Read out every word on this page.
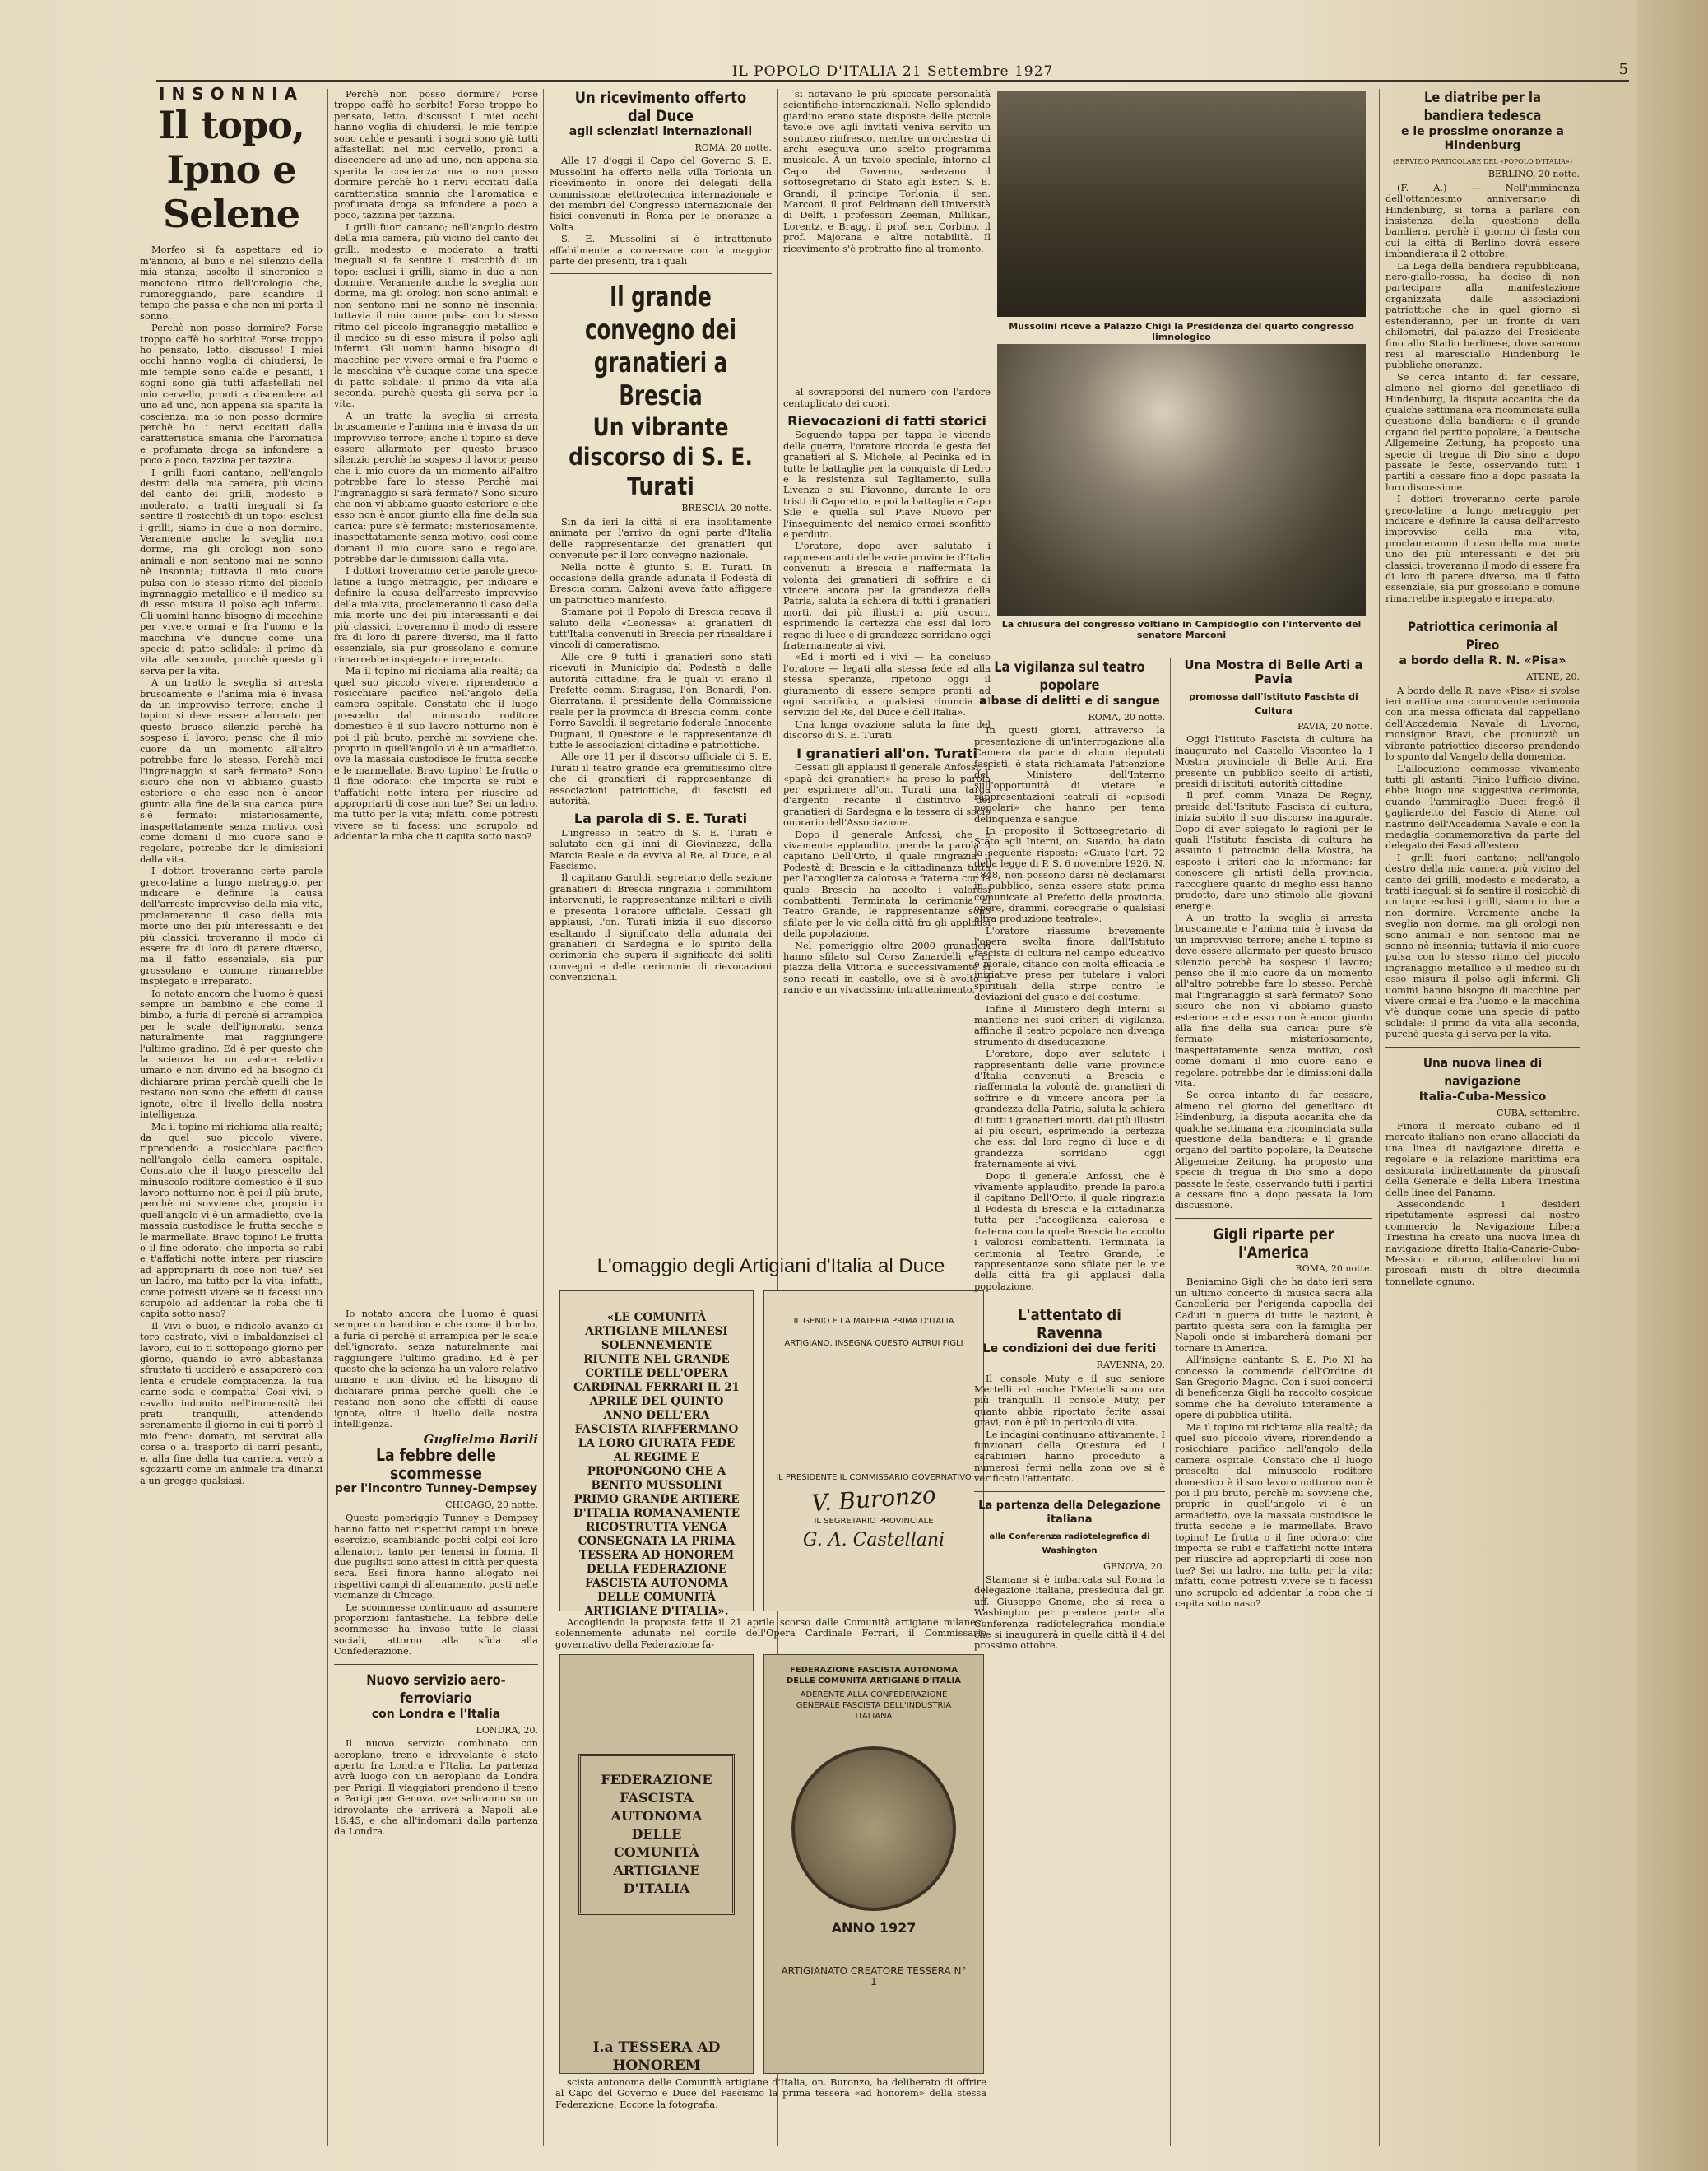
IL POPOLO D'ITALIA 21 Settembre 1927	5
INSONNIA
Il topo, Ipno e Selene

Morfeo si fa aspettare ed io m'annoio, al buio e nel silenzio della mia stanza; ascolto il sincronico e monotono ritmo dell'orologio che, rumoreggiando, pare scandire il tempo che passa e che non mi porta il sonno.

Perchè non posso dormire? Forse troppo caffè ho sorbito! Forse troppo ho pensato, letto, discusso! I miei occhi hanno voglia di chiudersi, le mie tempie sono calde e pesanti, i sogni sono già tutti affastellati nel mio cervello, pronti a discendere ad uno ad uno, non appena sia sparita la coscienza: ma io non posso dormire perchè ho i nervi eccitati dalla caratteristica smania che l'aromatica e profumata droga sa infondere a poco a poco, tazzina per tazzina.

I grilli fuori cantano; nell'angolo destro della mia camera, più vicino del canto dei grilli, modesto e moderato, a tratti ineguali si fa sentire il rosicchiò di un topo: esclusi i grilli, siamo in due a non dormire. Veramente anche la sveglia non dorme, ma gli orologi non sono animali e non sentono mai ne sonno nè insonnia; tuttavia il mio cuore pulsa con lo stesso ritmo del piccolo ingranaggio metallico e il medico su di esso misura il polso agli infermi. Gli uomini hanno bisogno di macchine per vivere ormai e fra l'uomo e la macchina v'è dunque come una specie di patto solidale: il primo dà vita alla seconda, purchè questa gli serva per la vita.

A un tratto la sveglia si arresta bruscamente e l'anima mia è invasa da un improvviso terrore; anche il topino si deve essere allarmato per questo brusco silenzio perchè ha sospeso il lavoro; penso che il mio cuore da un momento all'altro potrebbe fare lo stesso. Perchè mai l'ingranaggio si sarà fermato? Sono sicuro che non vi abbiamo guasto esteriore e che esso non è ancor giunto alla fine della sua carica: pure s'è fermato: misteriosamente, inaspettatamente senza motivo, così come domani il mio cuore sano e regolare, potrebbe dar le dimissioni dalla vita.

I dottori troveranno certe parole greco-latine a lungo metraggio, per indicare e definire la causa dell'arresto improvviso della mia vita, proclameranno il caso della mia morte uno dei più interessanti e dei più classici, troveranno il modo di essere fra di loro di parere diverso, ma il fatto essenziale, sia pur grossolano e comune rimarrebbe inspiegato e irreparato.

Io notato ancora che l'uomo è quasi sempre un bambino e che come il bimbo, a furia di perchè si arrampica per le scale dell'ignorato, senza naturalmente mai raggiungere l'ultimo gradino. Ed è per questo che la scienza ha un valore relativo umano e non divino ed ha bisogno di dichiarare prima perchè quelli che le restano non sono che effetti di cause ignote, oltre il livello della nostra intelligenza.

Ma il topino mi richiama alla realtà; da quel suo piccolo vivere, riprendendo a rosicchiare pacifico nell'angolo della camera ospitale. Constato che il luogo prescelto dal minuscolo roditore domestico è il suo lavoro notturno non è poi il più bruto, perchè mi sovviene che, proprio in quell'angolo vi è un armadietto, ove la massaia custodisce le frutta secche e le marmellate. Bravo topino! Le frutta o il fine odorato: che importa se rubi e t'affatichi notte intera per riuscire ad appropriarti di cose non tue? Sei un ladro, ma tutto per la vita; infatti, come potresti vivere se ti facessi uno scrupolo ad addentar la roba che ti capita sotto naso?

Il Vivi o buoi, e ridicolo avanzo di toro castrato, vivi e imbaldanzisci al lavoro, cui io ti sottopongo giorno per giorno, quando io avrò abbastanza sfruttato ti ucciderò e assaporerò con lenta e crudele compiacenza, la tua carne soda e compatta! Così vivi, o cavallo indomito nell'immensità dei prati tranquilli, attendendo serenamente il giorno in cui ti porrò il mio freno: domato, mi servirai alla corsa o al trasporto di carri pesanti, e, alla fine della tua carriera, verrò a sgozzarti come un animale tra dinanzi a un gregge qualsiasi.

Perchè non posso dormire? Forse troppo caffè ho sorbito! Forse troppo ho pensato, letto, discusso! I miei occhi hanno voglia di chiudersi, le mie tempie sono calde e pesanti, i sogni sono già tutti affastellati nel mio cervello, pronti a discendere ad uno ad uno, non appena sia sparita la coscienza: ma io non posso dormire perchè ho i nervi eccitati dalla caratteristica smania che l'aromatica e profumata droga sa infondere a poco a poco, tazzina per tazzina.

I grilli fuori cantano; nell'angolo destro della mia camera, più vicino del canto dei grilli, modesto e moderato, a tratti ineguali si fa sentire il rosicchiò di un topo: esclusi i grilli, siamo in due a non dormire. Veramente anche la sveglia non dorme, ma gli orologi non sono animali e non sentono mai ne sonno nè insonnia; tuttavia il mio cuore pulsa con lo stesso ritmo del piccolo ingranaggio metallico e il medico su di esso misura il polso agli infermi. Gli uomini hanno bisogno di macchine per vivere ormai e fra l'uomo e la macchina v'è dunque come una specie di patto solidale: il primo dà vita alla seconda, purchè questa gli serva per la vita.

A un tratto la sveglia si arresta bruscamente e l'anima mia è invasa da un improvviso terrore; anche il topino si deve essere allarmato per questo brusco silenzio perchè ha sospeso il lavoro; penso che il mio cuore da un momento all'altro potrebbe fare lo stesso. Perchè mai l'ingranaggio si sarà fermato? Sono sicuro che non vi abbiamo guasto esteriore e che esso non è ancor giunto alla fine della sua carica: pure s'è fermato: misteriosamente, inaspettatamente senza motivo, così come domani il mio cuore sano e regolare, potrebbe dar le dimissioni dalla vita.

I dottori troveranno certe parole greco-latine a lungo metraggio, per indicare e definire la causa dell'arresto improvviso della mia vita, proclameranno il caso della mia morte uno dei più interessanti e dei più classici, troveranno il modo di essere fra di loro di parere diverso, ma il fatto essenziale, sia pur grossolano e comune rimarrebbe inspiegato e irreparato.

Ma il topino mi richiama alla realtà; da quel suo piccolo vivere, riprendendo a rosicchiare pacifico nell'angolo della camera ospitale. Constato che il luogo prescelto dal minuscolo roditore domestico è il suo lavoro notturno non è poi il più bruto, perchè mi sovviene che, proprio in quell'angolo vi è un armadietto, ove la massaia custodisce le frutta secche e le marmellate. Bravo topino! Le frutta o il fine odorato: che importa se rubi e t'affatichi notte intera per riuscire ad appropriarti di cose non tue? Sei un ladro, ma tutto per la vita; infatti, come potresti vivere se ti facessi uno scrupolo ad addentar la roba che ti capita sotto naso?

Io notato ancora che l'uomo è quasi sempre un bambino e che come il bimbo, a furia di perchè si arrampica per le scale dell'ignorato, senza naturalmente mai raggiungere l'ultimo gradino. Ed è per questo che la scienza ha un valore relativo umano e non divino ed ha bisogno di dichiarare prima perchè quelli che le restano non sono che effetti di cause ignote, oltre il livello della nostra intelligenza.

Guglielmo Barili
La febbre delle scommesse
per l'incontro Tunney-Dempsey
CHICAGO, 20 notte.

Questo pomeriggio Tunney e Dempsey hanno fatto nei rispettivi campi un breve esercizio, scambiando pochi colpi coi loro allenatori, tanto per tenersi in forma. Il due pugilisti sono attesi in città per questa sera. Essi finora hanno allogato nei rispettivi campi di allenamento, posti nelle vicinanze di Chicago.

Le scommesse continuano ad assumere proporzioni fantastiche. La febbre delle scommesse ha invaso tutte le classi sociali, attorno alla sfida alla Confederazione.

Nuovo servizio aero-ferroviario
con Londra e l'Italia
LONDRA, 20.

Il nuovo servizio combinato con aeroplano, treno e idrovolante è stato aperto fra Londra e l'Italia. La partenza avrà luogo con un aeroplano da Londra per Parigi. Il viaggiatori prendono il treno a Parigi per Genova, ove saliranno su un idrovolante che arriverà a Napoli alle 16.45, e che all'indomani dalla partenza da Londra.

Un ricevimento offerto dal Duce
agli scienziati internazionali
ROMA, 20 notte.

Alle 17 d'oggi il Capo del Governo S. E. Mussolini ha offerto nella villa Torlonia un ricevimento in onore dei delegati della commissione elettrotecnica internazionale e dei membri del Congresso internazionale dei fisici convenuti in Roma per le onoranze a Volta.

S. E. Mussolini si è intrattenuto affabilmente a conversare con la maggior parte dei presenti, tra i quali

Il grande convegno dei granatieri a Brescia
Un vibrante discorso di S. E. Turati
BRESCIA, 20 notte.

Sin da ieri la città si era insolitamente animata per l'arrivo da ogni parte d'Italia delle rappresentanze dei granatieri qui convenute per il loro convegno nazionale.

Nella notte è giunto S. E. Turati. In occasione della grande adunata il Podestà di Brescia comm. Calzoni aveva fatto affiggere un patriottico manifesto.

Stamane poi il Popolo di Brescia recava il saluto della «Leonessa» ai granatieri di tutt'Italia convenuti in Brescia per rinsaldare i vincoli di cameratismo.

Alle ore 9 tutti i granatieri sono stati ricevuti in Municipio dal Podestà e dalle autorità cittadine, fra le quali vi erano il Prefetto comm. Siragusa, l'on. Bonardi, l'on. Giarratana, il presidente della Commissione reale per la provincia di Brescia comm. conte Porro Savoldi, il segretario federale Innocente Dugnani, il Questore e le rappresentanze di tutte le associazioni cittadine e patriottiche.

Alle ore 11 per il discorso ufficiale di S. E. Turati il teatro grande era gremitissimo oltre che di granatieri di rappresentanze di associazioni patriottiche, di fascisti ed autorità.

La parola di S. E. Turati

L'ingresso in teatro di S. E. Turati è salutato con gli inni di Giovinezza, della Marcia Reale e da evviva al Re, al Duce, e al Fascismo.

Il capitano Garoldi, segretario della sezione granatieri di Brescia ringrazia i commilitoni intervenuti, le rappresentanze militari e civili e presenta l'oratore ufficiale. Cessati gli applausi, l'on. Turati inizia il suo discorso esaltando il significato della adunata dei granatieri di Sardegna e lo spirito della cerimonia che supera il significato dei soliti convegni e delle cerimonie di rievocazioni convenzionali.

si notavano le più spiccate personalità scientifiche internazionali. Nello splendido giardino erano state disposte delle piccole tavole ove agli invitati veniva servito un sontuoso rinfresco, mentre un'orchestra di archi eseguiva uno scelto programma musicale. A un tavolo speciale, intorno al Capo del Governo, sedevano il sottosegretario di Stato agli Esteri S. E. Grandi, il principe Torlonia, il sen. Marconi, il prof. Feldmann dell'Università di Delft, i professori Zeeman, Millikan, Lorentz, e Bragg, il prof. sen. Corbino, il prof. Majorana e altre notabilità. Il ricevimento s'è protratto fino al tramonto.

al sovrapporsi del numero con l'ardore centuplicato dei cuori.

Rievocazioni di fatti storici

Seguendo tappa per tappa le vicende della guerra, l'oratore ricorda le gesta dei granatieri al S. Michele, al Pecinka ed in tutte le battaglie per la conquista di Ledro e la resistenza sul Tagliamento, sulla Livenza e sul Piavonno, durante le ore tristi di Caporetto, e poi la battaglia a Capo Sile e quella sul Piave Nuovo per l'inseguimento del nemico ormai sconfitto e perduto.

L'oratore, dopo aver salutato i rappresentanti delle varie provincie d'Italia convenuti a Brescia e riaffermata la volontà dei granatieri di soffrire e di vincere ancora per la grandezza della Patria, saluta la schiera di tutti i granatieri morti, dai più illustri ai più oscuri, esprimendo la certezza che essi dal loro regno di luce e di grandezza sorridano oggi fraternamente ai vivi.

«Ed i morti ed i vivi — ha concluso l'oratore — legati alla stessa fede ed alla stessa speranza, ripetono oggi il giuramento di essere sempre pronti ad ogni sacrificio, a qualsiasi rinuncia al servizio del Re, del Duce e dell'Italia».

Una lunga ovazione saluta la fine del discorso di S. E. Turati.

I granatieri all'on. Turati

Cessati gli applausi il generale Anfossi, il «papà dei granatieri» ha preso la parola per esprimere all'on. Turati una targa d'argento recante il distintivo dei granatieri di Sardegna e la tessera di socio onorario dell'Associazione.

Dopo il generale Anfossi, che è vivamente applaudito, prende la parola il capitano Dell'Orto, il quale ringrazia il Podestà di Brescia e la cittadinanza tutta per l'accoglienza calorosa e fraterna con la quale Brescia ha accolto i valorosi combattenti. Terminata la cerimonia al Teatro Grande, le rappresentanze sono sfilate per le vie della città fra gli applausi della popolazione.

Nel pomeriggio oltre 2000 granatieri hanno sfilato sul Corso Zanardelli e in piazza della Vittoria e successivamente si sono recati in castello, ove si è svolto il rancio e un vivacissimo intrattenimento.

Mussolini riceve a Palazzo Chigi la Presidenza del quarto congresso limnologico
La chiusura del congresso voltiano in Campidoglio con l'intervento del senatore Marconi
L'omaggio degli Artigiani d'Italia al Duce
«LE COMUNITÀ ARTIGIANE MILANESI SOLENNEMENTE RIUNITE NEL GRANDE CORTILE DELL'OPERA CARDINAL FERRARI IL 21 APRILE DEL QUINTO ANNO DELL'ERA FASCISTA RIAFFERMANO LA LORO GIURATA FEDE AL REGIME E PROPONGONO CHE A BENITO MUSSOLINI PRIMO GRANDE ARTIERE D'ITALIA ROMANAMENTE RICOSTRUTTA VENGA CONSEGNATA LA PRIMA TESSERA AD HONOREM DELLA FEDERAZIONE FASCISTA AUTONOMA DELLE COMUNITÀ ARTIGIANE D'ITALIA».
IL GENIO E LA MATERIA PRIMA D'ITALIA
ARTIGIANO, INSEGNA QUESTO ALTRUI FIGLI
IL PRESIDENTE IL COMMISSARIO GOVERNATIVO
V. Buronzo
IL SEGRETARIO PROVINCIALE
G. A. Castellani

Accogliendo la proposta fatta il 21 aprile scorso dalle Comunità artigiane milanesi, solennemente adunate nel cortile dell'Opera Cardinale Ferrari, il Commissario governativo della Federazione fa-

FEDERAZIONE FASCISTA AUTONOMA DELLE COMUNITÀ ARTIGIANE D'ITALIA
I.a TESSERA AD HONOREM
FEDERAZIONE FASCISTA AUTONOMA DELLE COMUNITÀ ARTIGIANE D'ITALIA
ADERENTE ALLA CONFEDERAZIONE GENERALE FASCISTA DELL'INDUSTRIA ITALIANA
ANNO 1927
ARTIGIANATO CREATORE TESSERA N° 1

scista autonoma delle Comunità artigiane d'Italia, on. Buronzo, ha deliberato di offrire al Capo del Governo e Duce del Fascismo la prima tessera «ad honorem» della stessa Federazione. Eccone la fotografia.

La vigilanza sul teatro popolare
a base di delitti e di sangue
ROMA, 20 notte.

In questi giorni, attraverso la presentazione di un'interrogazione alla Camera da parte di alcuni deputati fascisti, è stata richiamata l'attenzione del Ministero dell'Interno sull'opportunità di vietare le rappresentazioni teatrali di «episodi popolari» che hanno per tema delinquenza e sangue.

In proposito il Sottosegretario di Stato agli Interni, on. Suardo, ha dato la seguente risposta: «Giusto l'art. 72 della legge di P. S. 6 novembre 1926, N. 1848, non possono darsi nè declamarsi in pubblico, senza essere state prima comunicate al Prefetto della provincia, opere, drammi, coreografie o qualsiasi altra produzione teatrale».

L'oratore riassume brevemente l'opera svolta finora dall'Istituto fascista di cultura nel campo educativo e morale, citando con molta efficacia le iniziative prese per tutelare i valori spirituali della stirpe contro le deviazioni del gusto e del costume.

Infine il Ministero degli Interni si mantiene nei suoi criteri di vigilanza, affinchè il teatro popolare non divenga strumento di diseducazione.

L'oratore, dopo aver salutato i rappresentanti delle varie provincie d'Italia convenuti a Brescia e riaffermata la volontà dei granatieri di soffrire e di vincere ancora per la grandezza della Patria, saluta la schiera di tutti i granatieri morti, dai più illustri ai più oscuri, esprimendo la certezza che essi dal loro regno di luce e di grandezza sorridano oggi fraternamente ai vivi.

Dopo il generale Anfossi, che è vivamente applaudito, prende la parola il capitano Dell'Orto, il quale ringrazia il Podestà di Brescia e la cittadinanza tutta per l'accoglienza calorosa e fraterna con la quale Brescia ha accolto i valorosi combattenti. Terminata la cerimonia al Teatro Grande, le rappresentanze sono sfilate per le vie della città fra gli applausi della popolazione.

L'attentato di Ravenna
Le condizioni dei due feriti
RAVENNA, 20.

Il console Muty e il suo seniore Mertelli ed anche l'Mertelli sono ora più tranquilli. Il console Muty, per quanto abbia riportato ferite assai gravi, non è più in pericolo di vita.

Le indagini continuano attivamente. I funzionari della Questura ed i carabinieri hanno proceduto a numerosi fermi nella zona ove si è verificato l'attentato.

La partenza della Delegazione italiana
alla Conferenza radiotelegrafica di Washington
GENOVA, 20.

Stamane si è imbarcata sul Roma la delegazione italiana, presieduta dal gr. uff. Giuseppe Gneme, che si reca a Washington per prendere parte alla Conferenza radiotelegrafica mondiale che si inaugurerà in quella città il 4 del prossimo ottobre.

Una Mostra di Belle Arti a Pavia
promossa dall'Istituto Fascista di Cultura
PAVIA, 20 notte.

Oggi l'Istituto Fascista di cultura ha inaugurato nel Castello Visconteo la I Mostra provinciale di Belle Arti. Era presente un pubblico scelto di artisti, presidi di istituti, autorità cittadine.

Il prof. comm. Vinaza De Regny, preside dell'Istituto Fascista di cultura, inizia subito il suo discorso inaugurale. Dopo di aver spiegato le ragioni per le quali l'Istituto fascista di cultura ha assunto il patrocinio della Mostra, ha esposto i criteri che la informano: far conoscere gli artisti della provincia, raccogliere quanto di meglio essi hanno prodotto, dare uno stimolo alle giovani energie.

A un tratto la sveglia si arresta bruscamente e l'anima mia è invasa da un improvviso terrore; anche il topino si deve essere allarmato per questo brusco silenzio perchè ha sospeso il lavoro; penso che il mio cuore da un momento all'altro potrebbe fare lo stesso. Perchè mai l'ingranaggio si sarà fermato? Sono sicuro che non vi abbiamo guasto esteriore e che esso non è ancor giunto alla fine della sua carica: pure s'è fermato: misteriosamente, inaspettatamente senza motivo, così come domani il mio cuore sano e regolare, potrebbe dar le dimissioni dalla vita.

Se cerca intanto di far cessare, almeno nel giorno del genetliaco di Hindenburg, la disputa accanita che da qualche settimana era ricominciata sulla questione della bandiera: e il grande organo del partito popolare, la Deutsche Allgemeine Zeitung, ha proposto una specie di tregua di Dio sino a dopo passate le feste, osservando tutti i partiti a cessare fino a dopo passata la loro discussione.

Gigli riparte per l'America
ROMA, 20 notte.

Beniamino Gigli, che ha dato ieri sera un ultimo concerto di musica sacra alla Cancelleria per l'erigenda cappella dei Caduti in guerra di tutte le nazioni, è partito questa sera con la famiglia per Napoli onde si imbarcherà domani per tornare in America.

All'insigne cantante S. E. Pio XI ha concesso la commenda dell'Ordine di San Gregorio Magno. Con i suoi concerti di beneficenza Gigli ha raccolto cospicue somme che ha devoluto interamente a opere di pubblica utilità.

Ma il topino mi richiama alla realtà; da quel suo piccolo vivere, riprendendo a rosicchiare pacifico nell'angolo della camera ospitale. Constato che il luogo prescelto dal minuscolo roditore domestico è il suo lavoro notturno non è poi il più bruto, perchè mi sovviene che, proprio in quell'angolo vi è un armadietto, ove la massaia custodisce le frutta secche e le marmellate. Bravo topino! Le frutta o il fine odorato: che importa se rubi e t'affatichi notte intera per riuscire ad appropriarti di cose non tue? Sei un ladro, ma tutto per la vita; infatti, come potresti vivere se ti facessi uno scrupolo ad addentar la roba che ti capita sotto naso?

Le diatribe per la bandiera tedesca
e le prossime onoranze a Hindenburg
(SERVIZIO PARTICOLARE DEL «POPOLO D'ITALIA»)
BERLINO, 20 notte.

(F. A.) — Nell'imminenza dell'ottantesimo anniversario di Hindenburg, si torna a parlare con insistenza della questione della bandiera, perchè il giorno di festa con cui la città di Berlino dovrà essere imbandierata il 2 ottobre.

La Lega della bandiera repubblicana, nero-giallo-rossa, ha deciso di non partecipare alla manifestazione organizzata dalle associazioni patriottiche che in quel giorno si estenderanno, per un fronte di vari chilometri, dal palazzo del Presidente fino allo Stadio berlinese, dove saranno resi al maresciallo Hindenburg le pubbliche onoranze.

Se cerca intanto di far cessare, almeno nel giorno del genetliaco di Hindenburg, la disputa accanita che da qualche settimana era ricominciata sulla questione della bandiera: e il grande organo del partito popolare, la Deutsche Allgemeine Zeitung, ha proposto una specie di tregua di Dio sino a dopo passate le feste, osservando tutti i partiti a cessare fino a dopo passata la loro discussione.

I dottori troveranno certe parole greco-latine a lungo metraggio, per indicare e definire la causa dell'arresto improvviso della mia vita, proclameranno il caso della mia morte uno dei più interessanti e dei più classici, troveranno il modo di essere fra di loro di parere diverso, ma il fatto essenziale, sia pur grossolano e comune rimarrebbe inspiegato e irreparato.

Patriottica cerimonia al Pireo
a bordo della R. N. «Pisa»
ATENE, 20.

A bordo della R. nave «Pisa» si svolse ieri mattina una commovente cerimonia con una messa officiata dal cappellano dell'Accademia Navale di Livorno, monsignor Bravi, che pronunziò un vibrante patriottico discorso prendendo lo spunto dal Vangelo della domenica.

L'allocuzione commosse vivamente tutti gli astanti. Finito l'ufficio divino, ebbe luogo una suggestiva cerimonia, quando l'ammiraglio Ducci fregiò il gagliardetto del Fascio di Atene, col nastrino dell'Accademia Navale e con la medaglia commemorativa da parte del delegato dei Fasci all'estero.

I grilli fuori cantano; nell'angolo destro della mia camera, più vicino del canto dei grilli, modesto e moderato, a tratti ineguali si fa sentire il rosicchiò di un topo: esclusi i grilli, siamo in due a non dormire. Veramente anche la sveglia non dorme, ma gli orologi non sono animali e non sentono mai ne sonno nè insonnia; tuttavia il mio cuore pulsa con lo stesso ritmo del piccolo ingranaggio metallico e il medico su di esso misura il polso agli infermi. Gli uomini hanno bisogno di macchine per vivere ormai e fra l'uomo e la macchina v'è dunque come una specie di patto solidale: il primo dà vita alla seconda, purchè questa gli serva per la vita.

Una nuova linea di navigazione
Italia-Cuba-Messico
CUBA, settembre.

Finora il mercato cubano ed il mercato italiano non erano allacciati da una linea di navigazione diretta e regolare e la relazione marittima era assicurata indirettamente da piroscafi della Generale e della Libera Triestina delle linee del Panama.

Assecondando i desideri ripetutamente espressi dal nostro commercio la Navigazione Libera Triestina ha creato una nuova linea di navigazione diretta Italia-Canarie-Cuba-Messico e ritorno, adibendovi buoni piroscafi misti di oltre diecimila tonnellate ognuno.
